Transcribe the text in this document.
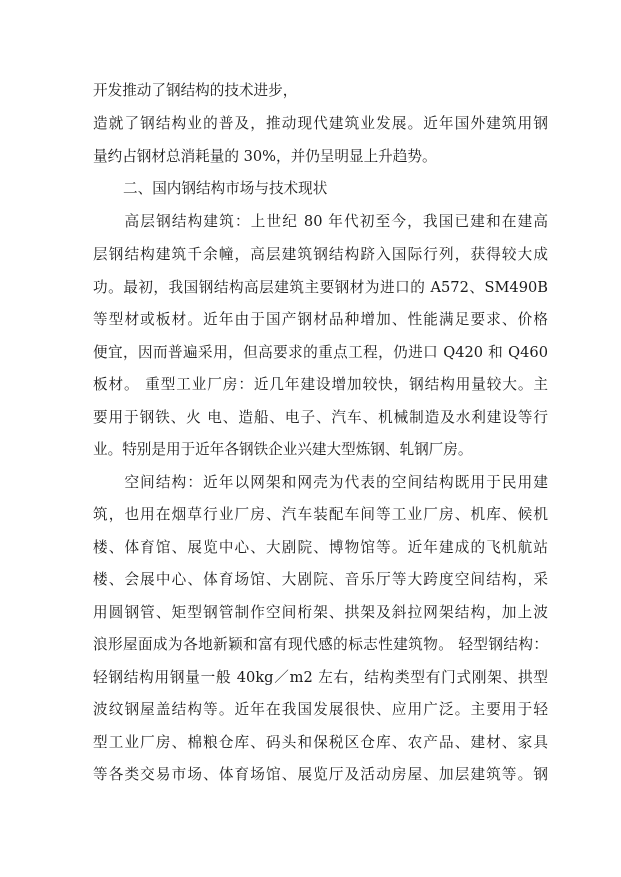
开发推动了钢结构的技术进步，
造就了钢结构业的普及，推动现代建筑业发展。近年国外建筑用钢
量约占钢材总消耗量的 30%，并仍呈明显上升趋势。
二、国内钢结构市场与技术现状
　　高层钢结构建筑：上世纪 80 年代初至今，我国已建和在建高
层钢结构建筑千余幢，高层建筑钢结构跻入国际行列，获得较大成
功。最初，我国钢结构高层建筑主要钢材为进口的 A572、SM490B
等型材或板材。近年由于国产钢材品种增加、性能满足要求、价格
便宜，因而普遍采用，但高要求的重点工程，仍进口 Q420 和 Q460
板材。 重型工业厂房：近几年建设增加较快，钢结构用量较大。主
要用于钢铁、火 电、造船、电子、汽车、机械制造及水利建设等行
业。特别是用于近年各钢铁企业兴建大型炼钢、轧钢厂房。
　　空间结构：近年以网架和网壳为代表的空间结构既用于民用建
筑，也用在烟草行业厂房、汽车装配车间等工业厂房、机库、候机
楼、体育馆、展览中心、大剧院、博物馆等。近年建成的飞机航站
楼、会展中心、体育场馆、大剧院、音乐厅等大跨度空间结构，采
用圆钢管、矩型钢管制作空间桁架、拱架及斜拉网架结构，加上波
浪形屋面成为各地新颖和富有现代感的标志性建筑物。 轻型钢结构：
轻钢结构用钢量一般 40kg／m2 左右，结构类型有门式刚架、拱型
波纹钢屋盖结构等。近年在我国发展很快、应用广泛。主要用于轻
型工业厂房、棉粮仓库、码头和保税区仓库、农产品、建材、家具
等各类交易市场、体育场馆、展览厅及活动房屋、加层建筑等。钢
